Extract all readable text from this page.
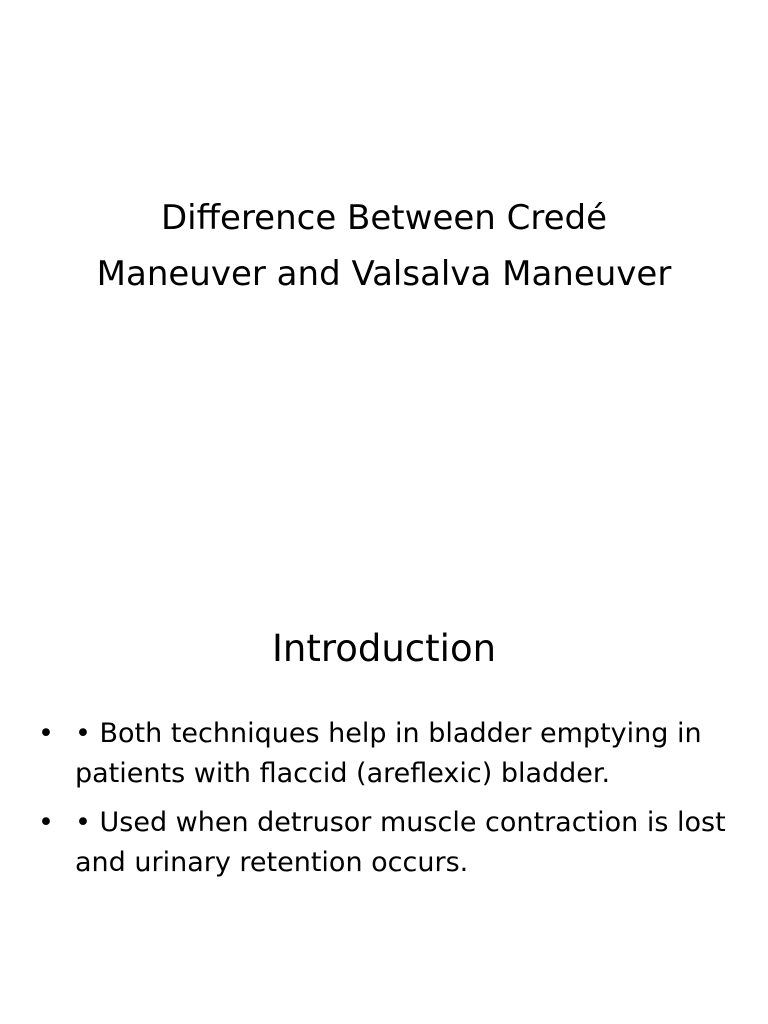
Difference Between Credé
Maneuver and Valsalva Maneuver
Introduction
• • Both techniques help in bladder emptying in patients with flaccid (areflexic) bladder.
• • Used when detrusor muscle contraction is lost and urinary retention occurs.
